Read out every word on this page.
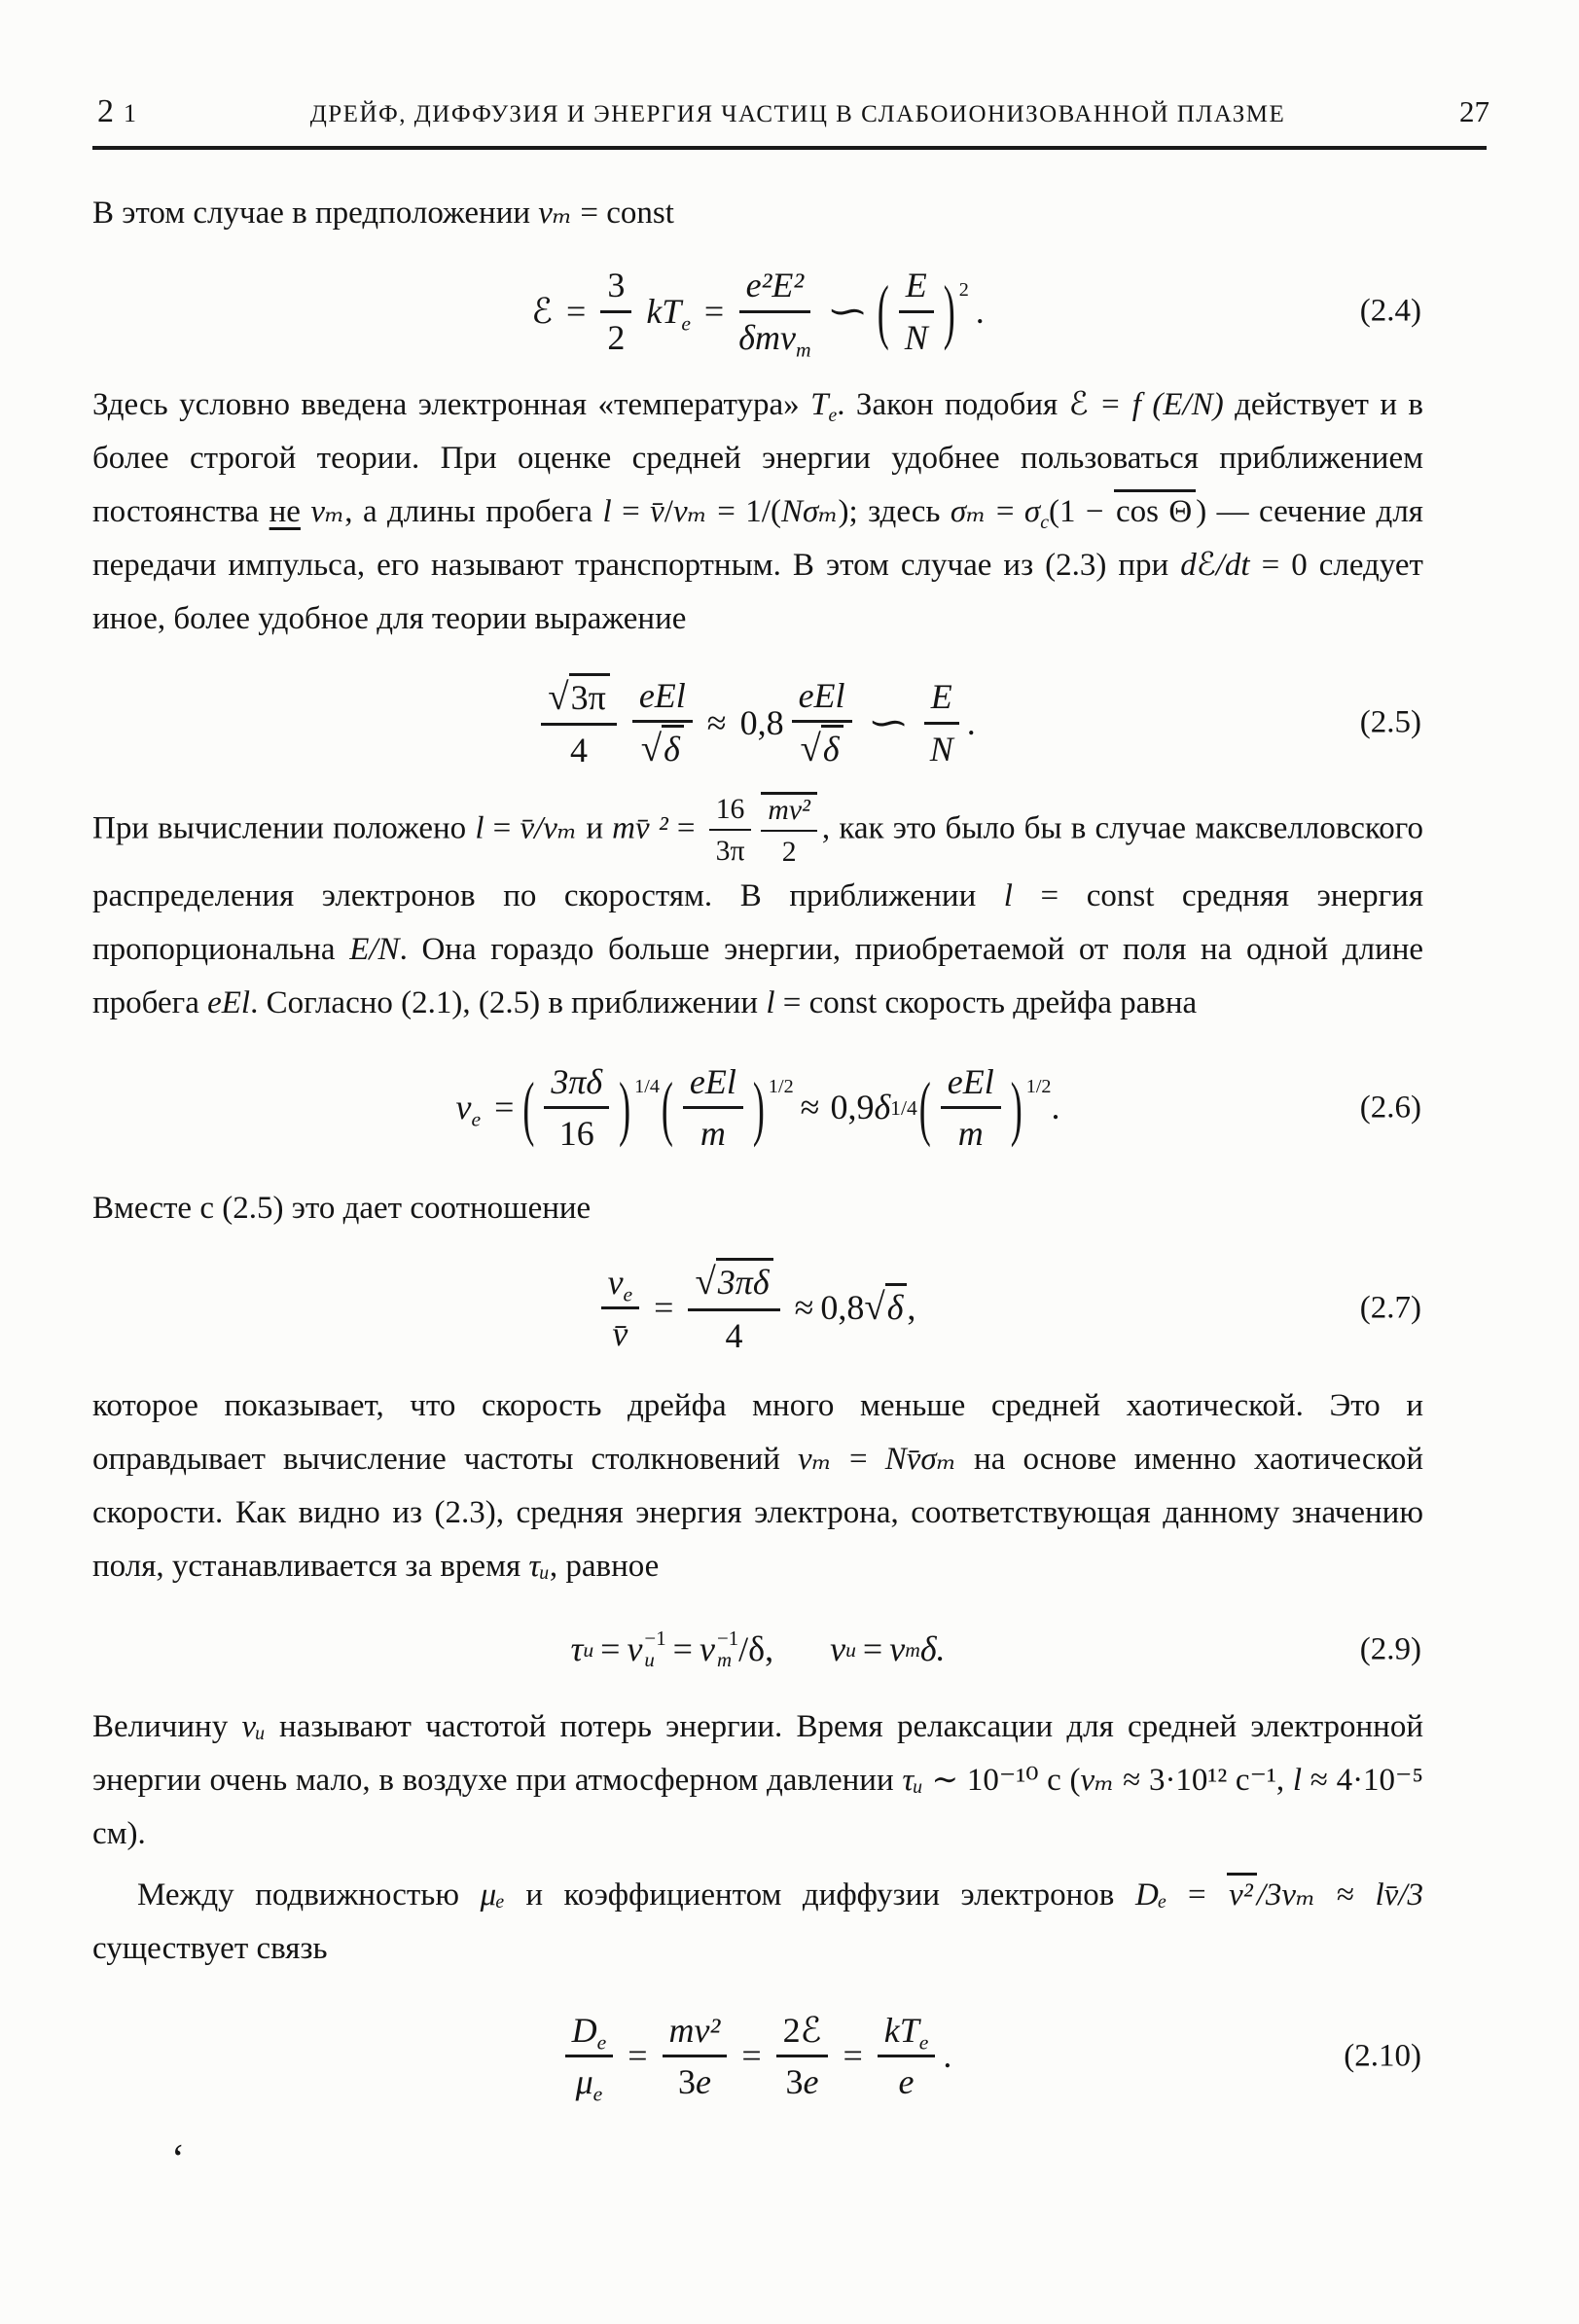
2 1	ДРЕЙФ, ДИФФУЗИЯ И ЭНЕРГИЯ ЧАСТИЦ В СЛАБОИОНИЗОВАННОЙ ПЛАЗМЕ	27

В этом случае в предположении νₘ = const

ℰ = $\frac{3}{2} kT_e = \frac{\text{e²E²}}{\delta m\nu_m}$ ∽ ( $\frac{E}{N}$ ) 2
.	(2.4)

Здесь условно введена электронная «температура» $T_e$. Закон подобия ℰ = f (E/N) действует и в более строгой теории. При оценке средней энергии удобнее пользоваться приближением постоянства не νₘ, а длины пробега l = v̄/νₘ = 1/(Nσₘ); здесь $\sigma_m = \sigma_c(1 - \cos \Theta$ ) — сечение для передачи импульса, его называют транспортным. В этом случае из (2.3) при dℰ/dt = 0 следует иное, более удобное для теории выражение

$\frac{√3\pi}{4} \frac{\text{eEl}}{√\delta} \approx 0,8 \frac{\text{eEl}}{√\delta}$ ∽ $\frac{E}{N}$ .	(2.5)

При вычислении положено l = v̄/νₘ и mv̄ $^2 = \frac{16}{3\pi} \frac{\text{mv²}}{2}$ , как это было бы в случае максвелловского распределения электронов по скоростям. В приближении l = const средняя энергия пропорциональна E/N. Она гораздо больше энергии, приобретаемой от поля на одной длине пробега eEl. Согласно (2.1), (2.5) в приближении l = const скорость дрейфа равна

$v_e$ = ( $\frac{3\pi\delta}{16}$ ) 1/4 ( $\frac{\text{eEl}}{m}$ ) 1/2
≈ 0,9 δ 1/4 ( $\frac{\text{eEl}}{m}$ ) 1/2
.	(2.6)

Вместе с (2.5) это дает соотношение

$\frac{v_e}{v̄} = \frac{√3\pi\delta}{4} \approx 0,8$ √δ ,	(2.7)

которое показывает, что скорость дрейфа много меньше средней хаотической. Это и оправдывает вычисление частоты столкновений νₘ = Nv̄σₘ на основе именно хаотической скорости. Как видно из (2.3), средняя энергия электрона, соответствующая данному значению поля, устанавливается за время τᵤ, равное

τ u = ν −1
u = ν −1
m /δ, ν u = ν m δ.	(2.9)

Величину νᵤ называют частотой потерь энергии. Время релаксации для средней электронной энергии очень мало, в воздухе при атмосферном давлении τᵤ ∼ 10⁻¹⁰ с (νₘ ≈ 3·10¹² с⁻¹, l ≈ 4·10⁻⁵ см).

Между подвижностью μₑ и коэффициентом диффузии электронов Dₑ = v² /3νₘ ≈ lv̄/3 существует связь

$\frac{D_e}{\mu_e} = \frac{\text{mv²}}{3e} = \frac{\text{2ℰ}}{3e} = \frac{kT_e}{e}$ .	(2.10)
‘
